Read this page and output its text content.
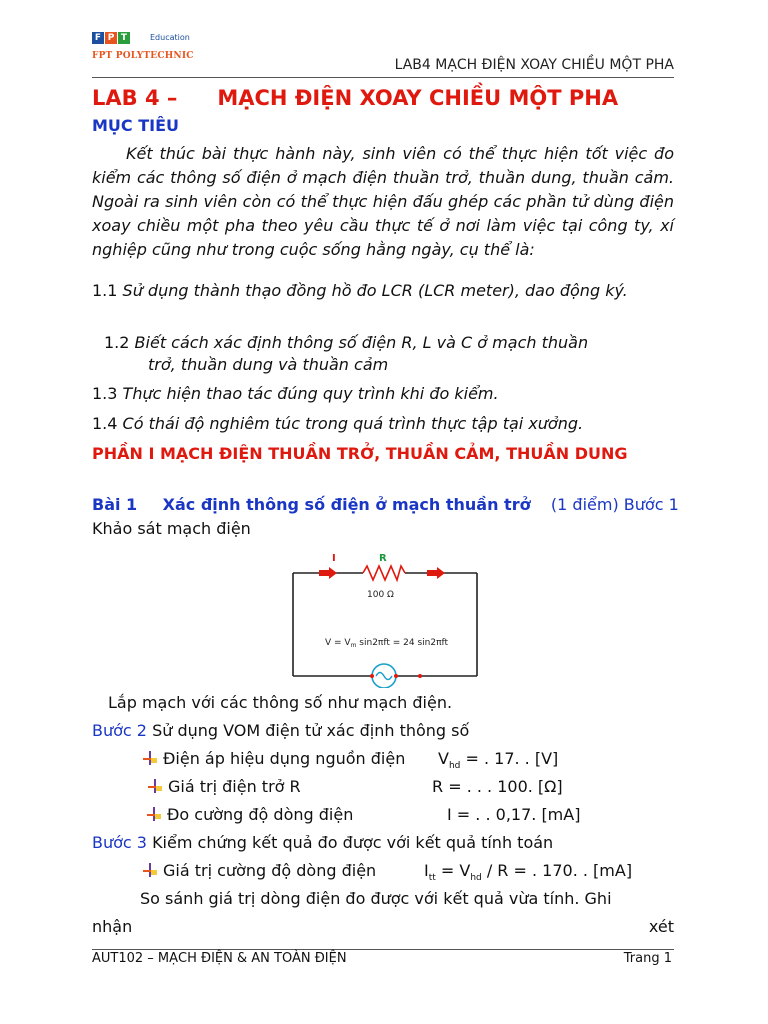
F P T	Education
FPT POLYTECHNIC
LAB4 MẠCH ĐIỆN XOAY CHIỀU MỘT PHA
LAB 4 – MẠCH ĐIỆN XOAY CHIỀU MỘT PHA
MỤC TIÊU
Kết thúc bài thực hành này, sinh viên có thể thực hiện tốt việc đo kiểm các thông số điện ở mạch điện thuần trở, thuần dung, thuần cảm. Ngoài ra sinh viên còn có thể thực hiện đấu ghép các phần tử dùng điện xoay chiều một pha theo yêu cầu thực tế ở nơi làm việc tại công ty, xí nghiệp cũng như trong cuộc sống hằng ngày, cụ thể là:
1.1 Sử dụng thành thạo đồng hồ đo LCR (LCR meter), dao động ký.
1.2 Biết cách xác định thông số điện R, L và C ở mạch thuần
trở, thuần dung và thuần cảm
1.3 Thực hiện thao tác đúng quy trình khi đo kiểm.
1.4 Có thái độ nghiêm túc trong quá trình thực tập tại xưởng.
PHẦN I MẠCH ĐIỆN THUẦN TRỞ, THUẦN CẢM, THUẦN DUNG
Bài 1 Xác định thông số điện ở mạch thuần trở (1 điểm) Bước 1 Khảo sát mạch điện
I	R
100 Ω
$V = V_m$ sin2πft = 24 sin2πft
Lắp mạch với các thông số như mạch điện.
Bước 2 Sử dụng VOM điện tử xác định thông số
Điện áp hiệu dụng nguồn điện $V_{hd}$ = . 17. . [V]
Giá trị điện trở R	R = . . . 100. [Ω]
Đo cường độ dòng điện	I = . . 0,17. [mA]
Bước 3 Kiểm chứng kết quả đo được với kết quả tính toán
Giá trị cường độ dòng điện	$I_{tt} = V_{hd} / R$ = . 170. . [mA]
So sánh giá trị dòng điện đo được với kết quả vừa tính. Ghi
nhận	xét
AUT102 – MẠCH ĐIỆN & AN TOÀN ĐIỆN	Trang 1
